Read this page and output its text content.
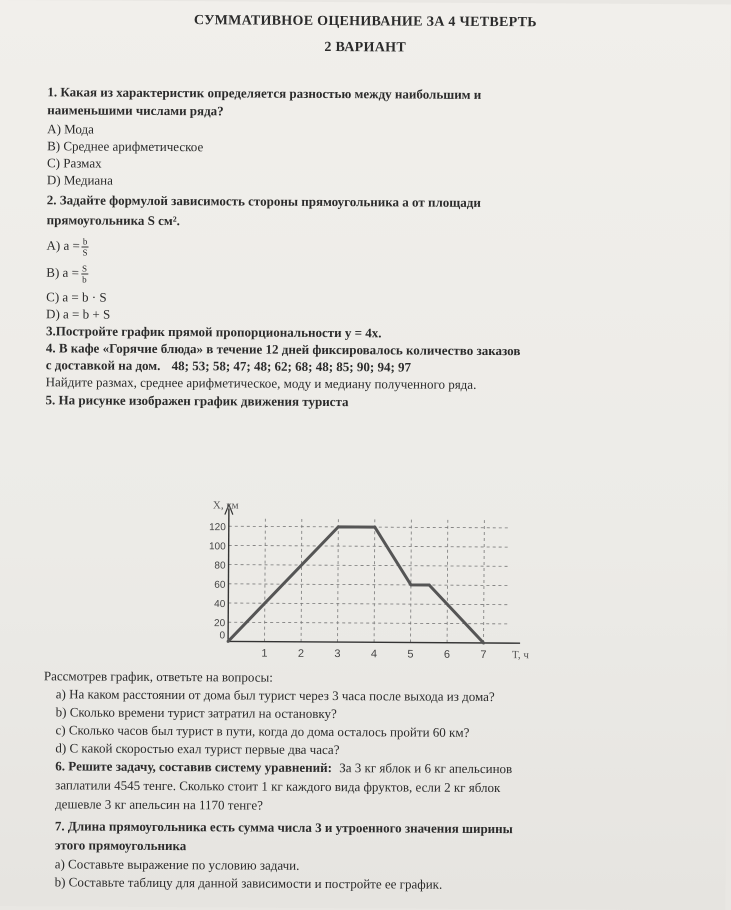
СУММАТИВНОЕ ОЦЕНИВАНИЕ ЗА 4 ЧЕТВЕРТЬ
2 ВАРИАНТ
1. Какая из характеристик определяется разностью между наибольшим и
наименьшими числами ряда?
A) Мода
B) Среднее арифметическое
C) Размах
D) Медиана
2. Задайте формулой зависимость стороны прямоугольника a от площади
прямоугольника S см².
A) $a = \frac{b}{S}$
B) $a = \frac{S}{b}$
C) a = b · S
D) a = b + S
3.Постройте график прямой пропорциональности y = 4x.
4. В кафе «Горячие блюда» в течение 12 дней фиксировалось количество заказов
с доставкой на дом. 48; 53; 58; 47; 48; 62; 68; 48; 85; 90; 94; 97
Найдите размах, среднее арифметическое, моду и медиану полученного ряда.
5. На рисунке изображен график движения туриста
1	2	3	4	5	6	7
0
20
40
60
80
100
120
X, км
T, ч
Рассмотрев график, ответьте на вопросы:
a) На каком расстоянии от дома был турист через 3 часа после выхода из дома?
b) Сколько времени турист затратил на остановку?
c) Сколько часов был турист в пути, когда до дома осталось пройти 60 км?
d) С какой скоростью ехал турист первые два часа?
6. Решите задачу, составив систему уравнений: За 3 кг яблок и 6 кг апельсинов
заплатили 4545 тенге. Сколько стоит 1 кг каждого вида фруктов, если 2 кг яблок
дешевле 3 кг апельсин на 1170 тенге?
7. Длина прямоугольника есть сумма числа 3 и утроенного значения ширины
этого прямоугольника
a) Составьте выражение по условию задачи.
b) Составьте таблицу для данной зависимости и постройте ее график.
